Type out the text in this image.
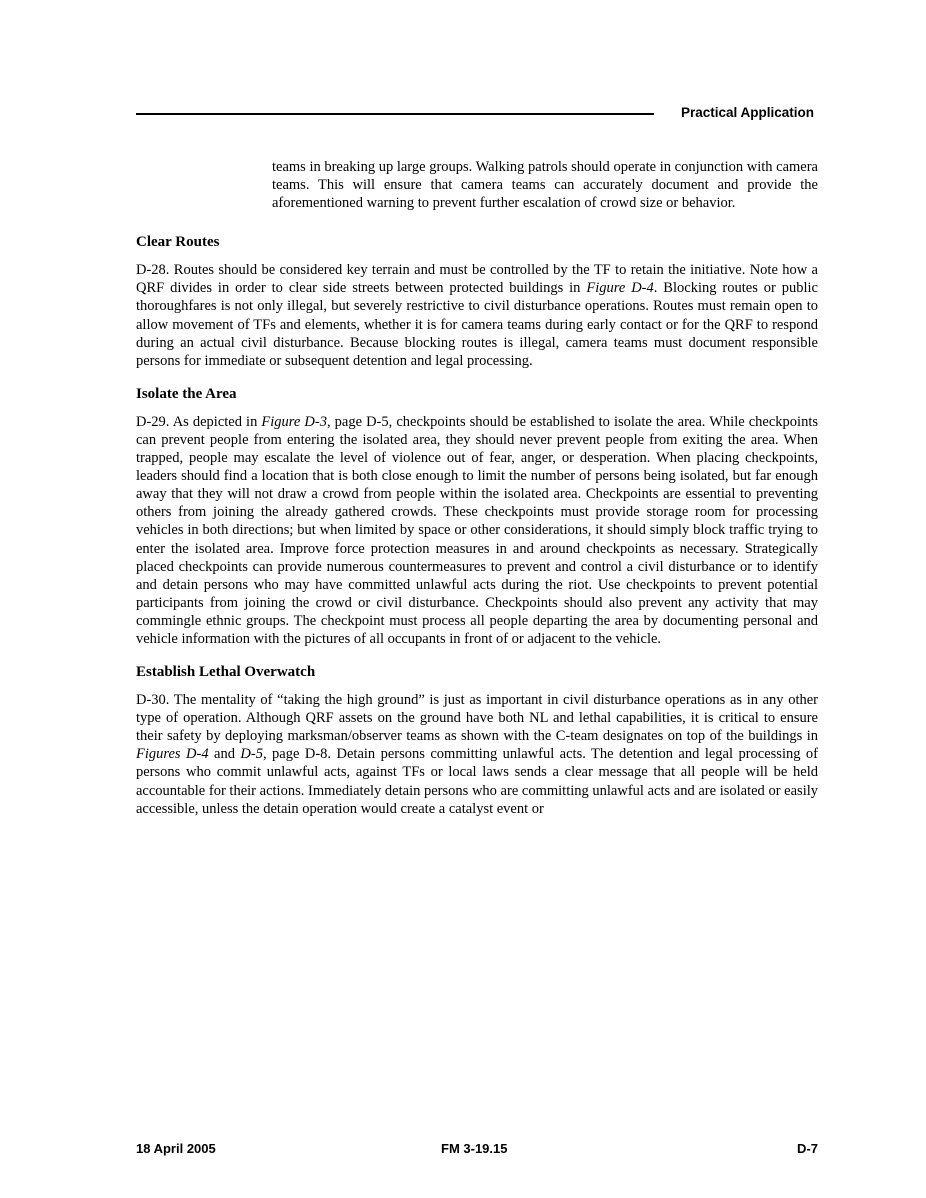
Practical Application

teams in breaking up large groups. Walking patrols should operate in conjunction with camera teams. This will ensure that camera teams can accurately document and provide the aforementioned warning to prevent further escalation of crowd size or behavior.

Clear Routes

D-28. Routes should be considered key terrain and must be controlled by the TF to retain the initiative. Note how a QRF divides in order to clear side streets between protected buildings in Figure D-4. Blocking routes or public thoroughfares is not only illegal, but severely restrictive to civil disturbance operations. Routes must remain open to allow movement of TFs and elements, whether it is for camera teams during early contact or for the QRF to respond during an actual civil disturbance. Because blocking routes is illegal, camera teams must document responsible persons for immediate or subsequent detention and legal processing.

Isolate the Area

D-29. As depicted in Figure D-3, page D-5, checkpoints should be established to isolate the area. While checkpoints can prevent people from entering the isolated area, they should never prevent people from exiting the area. When trapped, people may escalate the level of violence out of fear, anger, or desperation. When placing checkpoints, leaders should find a location that is both close enough to limit the number of persons being isolated, but far enough away that they will not draw a crowd from people within the isolated area. Checkpoints are essential to preventing others from joining the already gathered crowds. These checkpoints must provide storage room for processing vehicles in both directions; but when limited by space or other considerations, it should simply block traffic trying to enter the isolated area. Improve force protection measures in and around checkpoints as necessary. Strategically placed checkpoints can provide numerous countermeasures to prevent and control a civil disturbance or to identify and detain persons who may have committed unlawful acts during the riot. Use checkpoints to prevent potential participants from joining the crowd or civil disturbance. Checkpoints should also prevent any activity that may commingle ethnic groups. The checkpoint must process all people departing the area by documenting personal and vehicle information with the pictures of all occupants in front of or adjacent to the vehicle.

Establish Lethal Overwatch

D-30. The mentality of “taking the high ground” is just as important in civil disturbance operations as in any other type of operation. Although QRF assets on the ground have both NL and lethal capabilities, it is critical to ensure their safety by deploying marksman/observer teams as shown with the C-team designates on top of the buildings in Figures D-4 and D-5, page D-8. Detain persons committing unlawful acts. The detention and legal processing of persons who commit unlawful acts, against TFs or local laws sends a clear message that all people will be held accountable for their actions. Immediately detain persons who are committing unlawful acts and are isolated or easily accessible, unless the detain operation would create a catalyst event or

18 April 2005	FM 3-19.15	D-7
